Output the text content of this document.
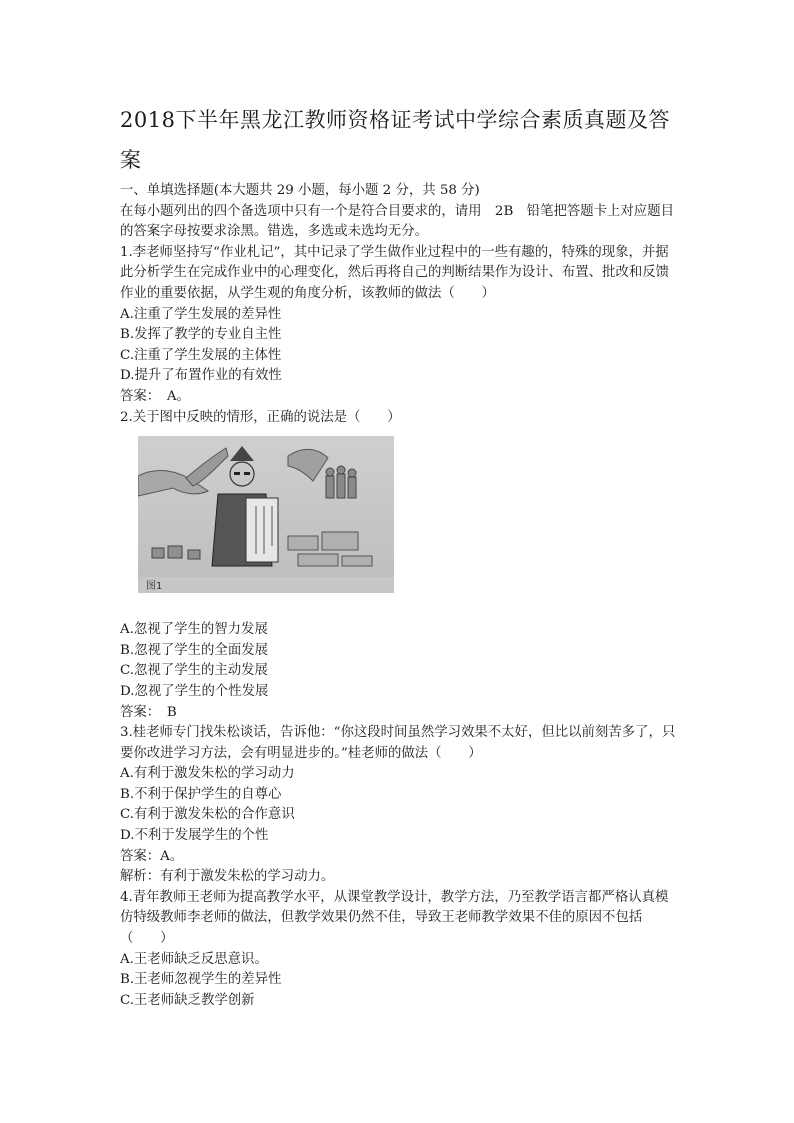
2018下半年黑龙江教师资格证考试中学综合素质真题及答案

一、单填选择题(本大题共 29 小题，每小题 2 分，共 58 分)

在每小题列出的四个备选项中只有一个是符合目要求的，请用　2B　铅笔把答题卡上对应题目的答案字母按要求涂黑。错选，多选或未选均无分。

1.李老师坚持写“作业札记”，其中记录了学生做作业过程中的一些有趣的，特殊的现象，并据此分析学生在完成作业中的心理变化，然后再将自己的判断结果作为设计、布置、批改和反馈作业的重要依据，从学生观的角度分析，该教师的做法（　　）

A.注重了学生发展的差异性

B.发挥了教学的专业自主性

C.注重了学生发展的主体性

D.提升了布置作业的有效性

答案：　A。

2.关于图中反映的情形，正确的说法是（　　）

图1

A.忽视了学生的智力发展

B.忽视了学生的全面发展

C.忽视了学生的主动发展

D.忽视了学生的个性发展

答案：　B

3.桂老师专门找朱松谈话，告诉他：“你这段时间虽然学习效果不太好，但比以前刻苦多了，只要你改进学习方法，会有明显进步的。”桂老师的做法（　　）

A.有利于激发朱松的学习动力

B.不利于保护学生的自尊心

C.有利于激发朱松的合作意识

D.不利于发展学生的个性

答案：A。

解析：有利于激发朱松的学习动力。

4.青年教师王老师为提高教学水平，从课堂教学设计，教学方法，乃至教学语言都严格认真模仿特级教师李老师的做法，但教学效果仍然不佳，导致王老师教学效果不佳的原因不包括（　　）

A.王老师缺乏反思意识。

B.王老师忽视学生的差异性

C.王老师缺乏教学创新
